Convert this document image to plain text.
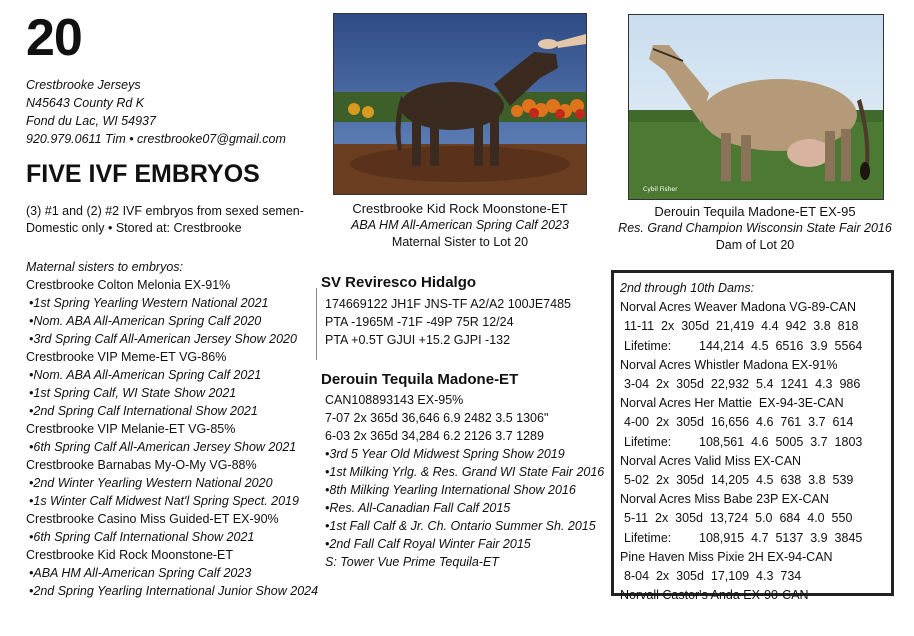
20
Crestbrooke Jerseys
N45643 County Rd K
Fond du Lac, WI 54937
920.979.0611 Tim • crestbrooke07@gmail.com
FIVE IVF EMBRYOS
(3) #1 and (2) #2 IVF embryos from sexed semen-
Domestic only • Stored at: Crestbrooke
Maternal sisters to embryos:
Crestbrooke Colton Melonia EX-91%
•1st Spring Yearling Western National 2021
•Nom. ABA All-American Spring Calf 2020
•3rd Spring Calf All-American Jersey Show 2020
Crestbrooke VIP Meme-ET VG-86%
•Nom. ABA All-American Spring Calf 2021
•1st Spring Calf, WI State Show 2021
•2nd Spring Calf International Show 2021
Crestbrooke VIP Melanie-ET VG-85%
•6th Spring Calf All-American Jersey Show 2021
Crestbrooke Barnabas My-O-My VG-88%
•2nd Winter Yearling Western National 2020
•1s Winter Calf Midwest Nat'l Spring Spect. 2019
Crestbrooke Casino Miss Guided-ET EX-90%
•6th Spring Calf International Show 2021
Crestbrooke Kid Rock Moonstone-ET
•ABA HM All-American Spring Calf 2023
•2nd Spring Yearling International Junior Show 2024
Crestbrooke Kid Rock Moonstone-ET
ABA HM All-American Spring Calf 2023
Maternal Sister to Lot 20
Cybil Fisher
Derouin Tequila Madone-ET EX-95
Res. Grand Champion Wisconsin State Fair 2016
Dam of Lot 20
SV Revirescо Hidalgo
174669122 JH1F JNS-TF A2/A2 100JE7485
PTA -1965M -71F -49P 75R 12/24
PTA +0.5T GJUI +15.2 GJPI -132
Derouin Tequila Madone-ET
CAN108893143 EX-95%
7-07 2x 365d 36,646 6.9 2482 3.5 1306"
6-03 2x 365d 34,284 6.2 2126 3.7 1289
•3rd 5 Year Old Midwest Spring Show 2019
•1st Milking Yrlg. & Res. Grand WI State Fair 2016
•8th Milking Yearling International Show 2016
•Res. All-Canadian Fall Calf 2015
•1st Fall Calf & Jr. Ch. Ontario Summer Sh. 2015
•2nd Fall Calf Royal Winter Fair 2015
S: Tower Vue Prime Tequila-ET
2nd through 10th Dams:
Norval Acres Weaver Madona VG-89-CAN
11-11  2x  305d  21,419  4.4  942  3.8  818
Lifetime:        144,214  4.5  6516  3.9  5564
Norval Acres Whistler Madona EX-91%
3-04  2x  305d  22,932  5.4  1241  4.3  986
Norval Acres Her Mattie  EX-94-3E-CAN
4-00  2x  305d  16,656  4.6  761  3.7  614
Lifetime:        108,561  4.6  5005  3.7  1803
Norval Acres Valid Miss EX-CAN
5-02  2x  305d  14,205  4.5  638  3.8  539
Norval Acres Miss Babe 23P EX-CAN
5-11  2x  305d  13,724  5.0  684  4.0  550
Lifetime:        108,915  4.7  5137  3.9  3845
Pine Haven Miss Pixie 2H EX-94-CAN
8-04  2x  305d  17,109  4.3  734
Norvall Castor's Anda EX-90-CAN
